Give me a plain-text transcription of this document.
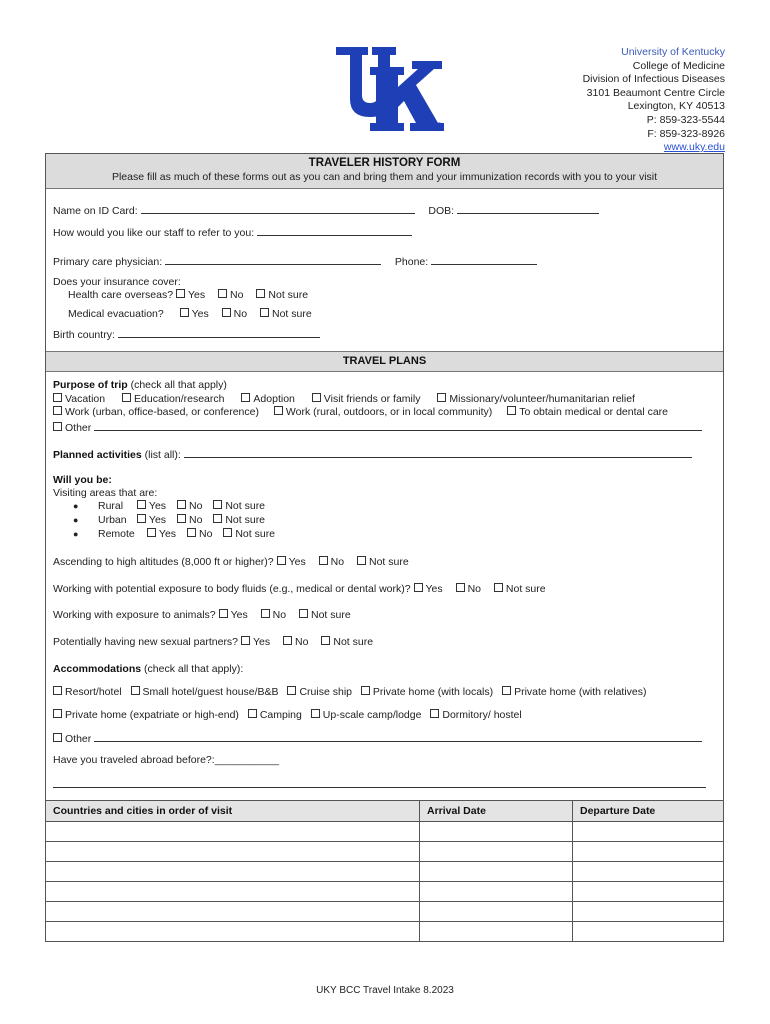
®
University of Kentucky
College of Medicine
Division of Infectious Diseases
3101 Beaumont Centre Circle
Lexington, KY 40513
P: 859-323-5544
F: 859-323-8926
www.uky.edu
TRAVELER HISTORY FORM
Please fill as much of these forms out as you can and bring them and your immunization records with you to your visit
Name on ID Card:	DOB:
How would you like our staff to refer to you:
Primary care physician:	Phone:
Does your insurance cover:
Health care overseas? Yes No Not sure
Medical evacuation?	Yes No Not sure
Birth country:
TRAVEL PLANS
Purpose of trip (check all that apply)
Vacation	Education/research	Adoption	Visit friends or family	Missionary/volunteer/humanitarian relief
Work (urban, office-based, or conference)	Work (rural, outdoors, or in local community)	To obtain medical or dental care
Other
Planned activities (list all):
Will you be:
Visiting areas that are:
● Rural Yes No Not sure
● Urban Yes No Not sure
● Remote Yes No Not sure
Ascending to high altitudes (8,000 ft or higher)? Yes No Not sure
Working with potential exposure to body fluids (e.g., medical or dental work)? Yes No Not sure
Working with exposure to animals? Yes No Not sure
Potentially having new sexual partners? Yes No Not sure
Accommodations (check all that apply):
Resort/hotel Small hotel/guest house/B&B Cruise ship Private home (with locals) Private home (with relatives)
Private home (expatriate or high-end) Camping Up-scale camp/lodge Dormitory/ hostel
Other
Have you traveled abroad before?:___________
Countries and cities in order of visit	Arrival Date	Departure Date

UKY BCC Travel Intake 8.2023
